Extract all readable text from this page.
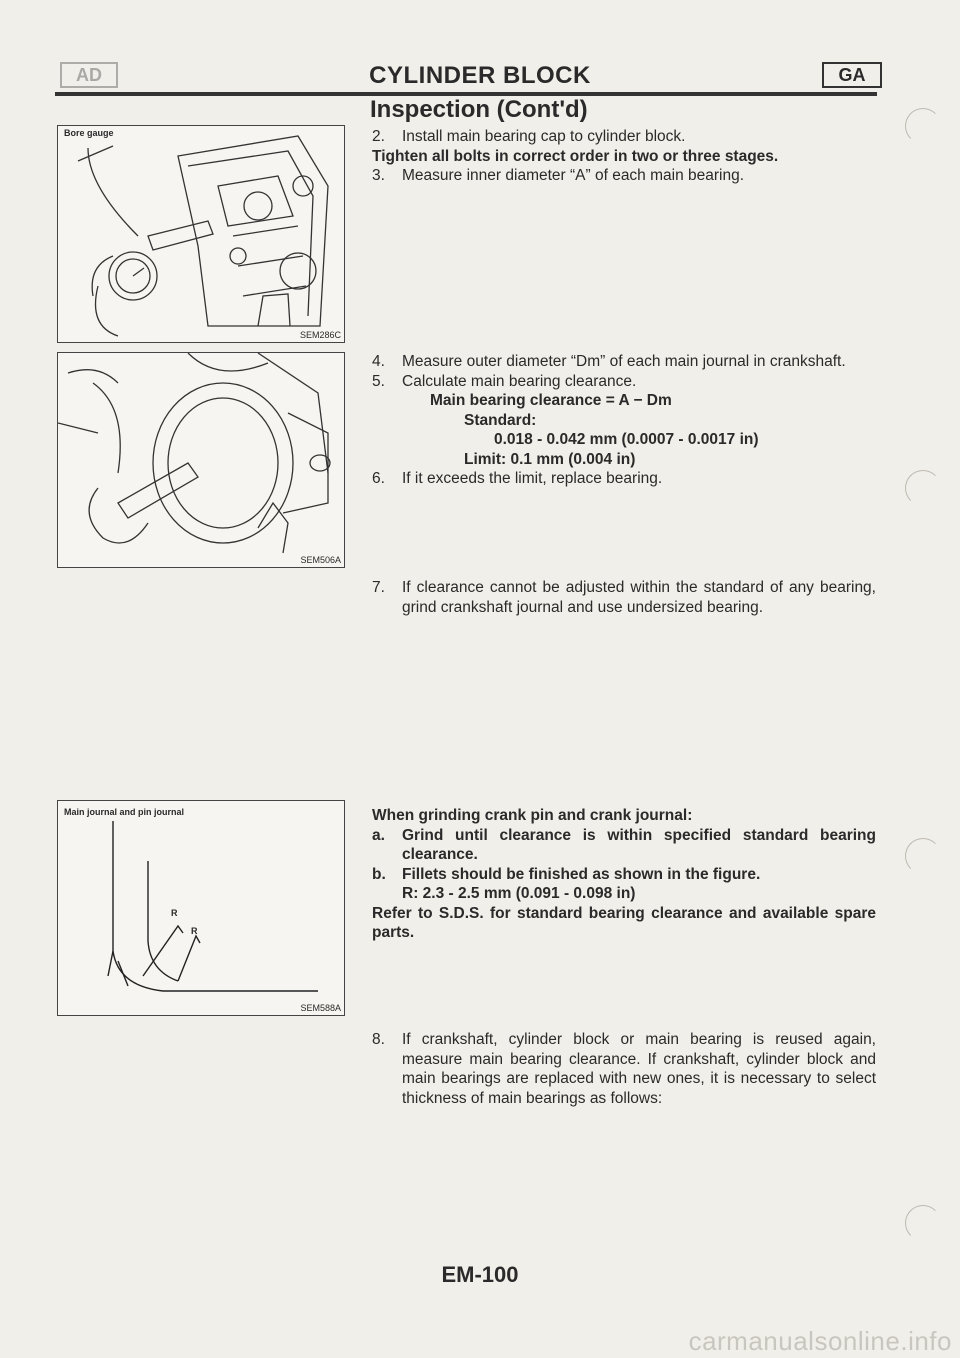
AD	CYLINDER BLOCK	GA
Inspection (Cont'd)
Bore gauge
SEM286C
SEM506A
Main journal and pin journal
R
R
SEM588A
2.	Install main bearing cap to cylinder block.
Tighten all bolts in correct order in two or three stages.
3.	Measure inner diameter “A” of each main bearing.
4.	Measure outer diameter “Dm” of each main journal in crankshaft.
5.	Calculate main bearing clearance.
Main bearing clearance = A − Dm
Standard:
0.018 - 0.042 mm (0.0007 - 0.0017 in)
Limit: 0.1 mm (0.004 in)
6.	If it exceeds the limit, replace bearing.
7.	If clearance cannot be adjusted within the standard of any bearing, grind crankshaft journal and use undersized bearing.
When grinding crank pin and crank journal:
a.	Grind until clearance is within specified standard bearing clearance.
b.	Fillets should be finished as shown in the figure.
R: 2.3 - 2.5 mm (0.091 - 0.098 in)
Refer to S.D.S. for standard bearing clearance and available spare parts.
8.	If crankshaft, cylinder block or main bearing is reused again, measure main bearing clearance. If crankshaft, cylinder block and main bearings are replaced with new ones, it is necessary to select thickness of main bearings as follows:
EM-100
carmanualsonline.info
